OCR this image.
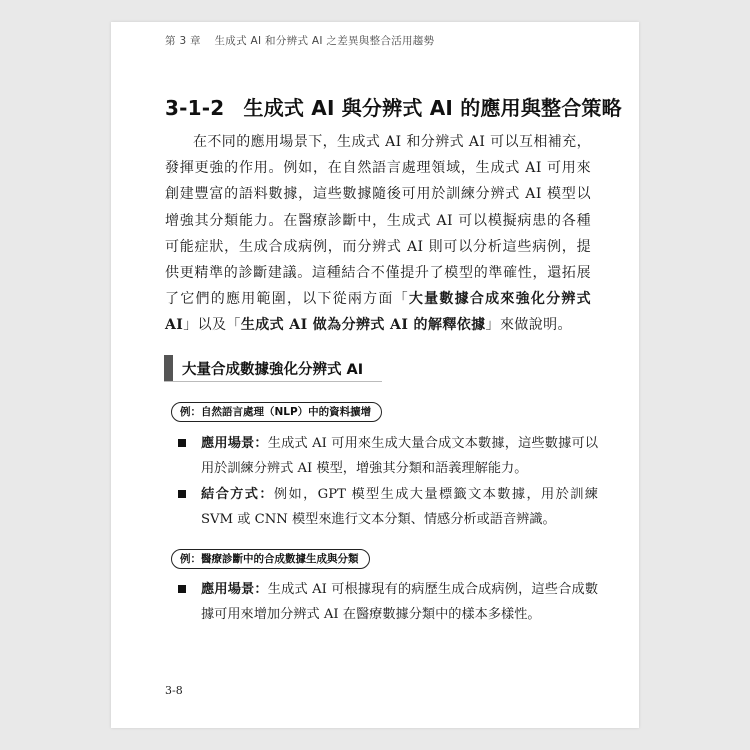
第 3 章 生成式 AI 和分辨式 AI 之差異與整合活用趨勢
3-1-2 生成式 AI 與分辨式 AI 的應用與整合策略

在不同的應用場景下，生成式 AI 和分辨式 AI 可以互相補充，發揮更強的作用。例如，在自然語言處理領域，生成式 AI 可用來創建豐富的語料數據，這些數據隨後可用於訓練分辨式 AI 模型以增強其分類能力。在醫療診斷中，生成式 AI 可以模擬病患的各種可能症狀，生成合成病例，而分辨式 AI 則可以分析這些病例，提供更精準的診斷建議。這種結合不僅提升了模型的準確性，還拓展了它們的應用範圍，以下從兩方面「大量數據合成來強化分辨式 AI」以及「生成式 AI 做為分辨式 AI 的解釋依據」來做說明。

大量合成數據強化分辨式 AI
例：自然語言處理（NLP）中的資料擴增
應用場景：生成式 AI 可用來生成大量合成文本數據，這些數據可以用於訓練分辨式 AI 模型，增強其分類和語義理解能力。
結合方式：例如，GPT 模型生成大量標籤文本數據，用於訓練 SVM 或 CNN 模型來進行文本分類、情感分析或語音辨識。
例：醫療診斷中的合成數據生成與分類
應用場景：生成式 AI 可根據現有的病歷生成合成病例，這些合成數據可用來增加分辨式 AI 在醫療數據分類中的樣本多樣性。
3-8
